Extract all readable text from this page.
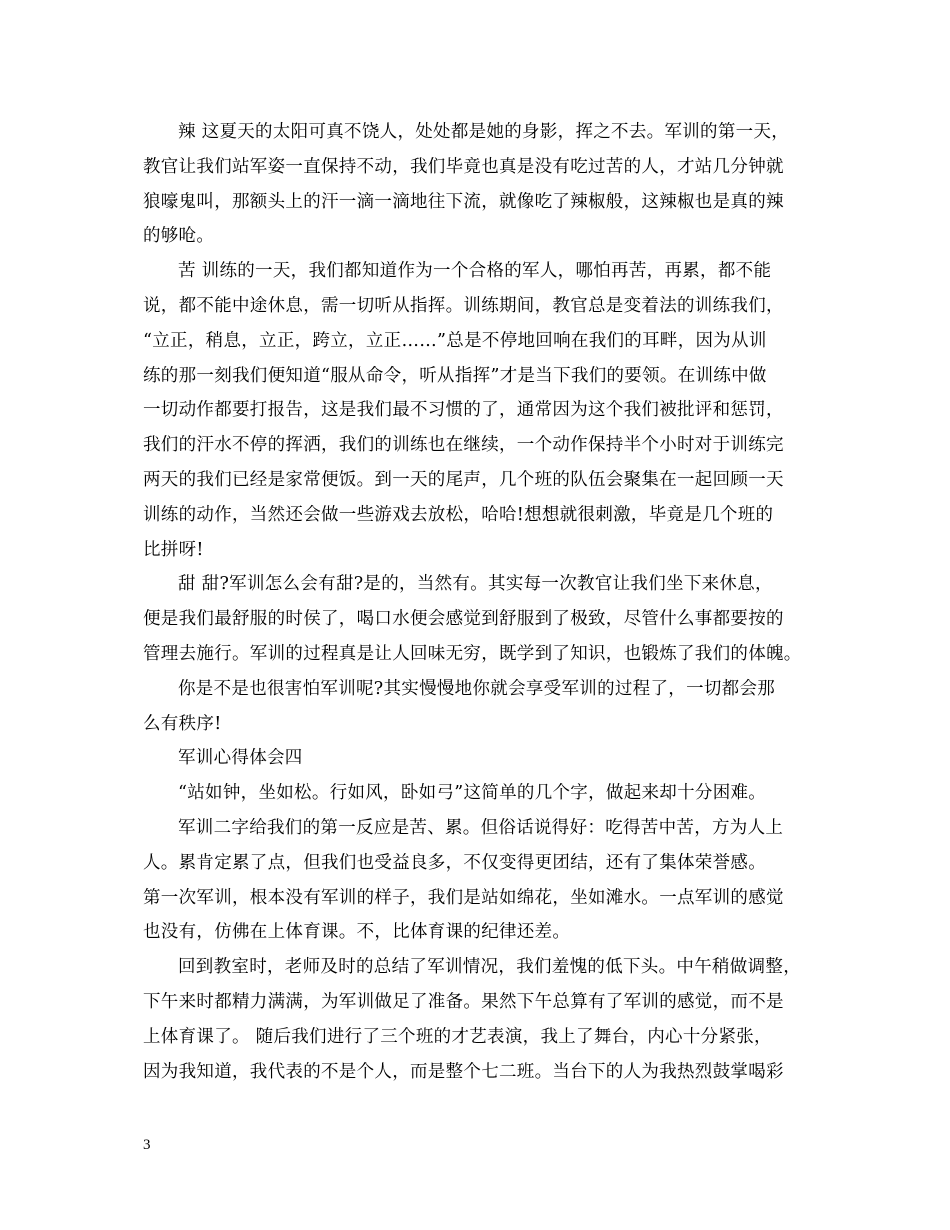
辣 这夏天的太阳可真不饶人，处处都是她的身影，挥之不去。军训的第一天，
教官让我们站军姿一直保持不动，我们毕竟也真是没有吃过苦的人，才站几分钟就
狼嚎鬼叫，那额头上的汗一滴一滴地往下流，就像吃了辣椒般，这辣椒也是真的辣
的够呛。
苦 训练的一天，我们都知道作为一个合格的军人，哪怕再苦，再累，都不能
说，都不能中途休息，需一切听从指挥。训练期间，教官总是变着法的训练我们，
“立正，稍息，立正，跨立，立正……”总是不停地回响在我们的耳畔，因为从训
练的那一刻我们便知道“服从命令，听从指挥”才是当下我们的要领。在训练中做
一切动作都要打报告，这是我们最不习惯的了，通常因为这个我们被批评和惩罚，
我们的汗水不停的挥洒，我们的训练也在继续，一个动作保持半个小时对于训练完
两天的我们已经是家常便饭。到一天的尾声，几个班的队伍会聚集在一起回顾一天
训练的动作，当然还会做一些游戏去放松，哈哈!想想就很刺激，毕竟是几个班的
比拼呀!
甜 甜?军训怎么会有甜?是的，当然有。其实每一次教官让我们坐下来休息，
便是我们最舒服的时侯了，喝口水便会感觉到舒服到了极致，尽管什么事都要按的
管理去施行。军训的过程真是让人回味无穷，既学到了知识，也锻炼了我们的体魄。
你是不是也很害怕军训呢?其实慢慢地你就会享受军训的过程了，一切都会那
么有秩序!
军训心得体会四
“站如钟，坐如松。行如风，卧如弓”这简单的几个字，做起来却十分困难。
军训二字给我们的第一反应是苦、累。但俗话说得好：吃得苦中苦，方为人上
人。累肯定累了点，但我们也受益良多，不仅变得更团结，还有了集体荣誉感。
第一次军训，根本没有军训的样子，我们是站如绵花，坐如滩水。一点军训的感觉
也没有，仿佛在上体育课。不，比体育课的纪律还差。
回到教室时，老师及时的总结了军训情况，我们羞愧的低下头。中午稍做调整，
下午来时都精力满满，为军训做足了准备。果然下午总算有了军训的感觉，而不是
上体育课了。 随后我们进行了三个班的才艺表演，我上了舞台，内心十分紧张，
因为我知道，我代表的不是个人，而是整个七二班。当台下的人为我热烈鼓掌喝彩
3
